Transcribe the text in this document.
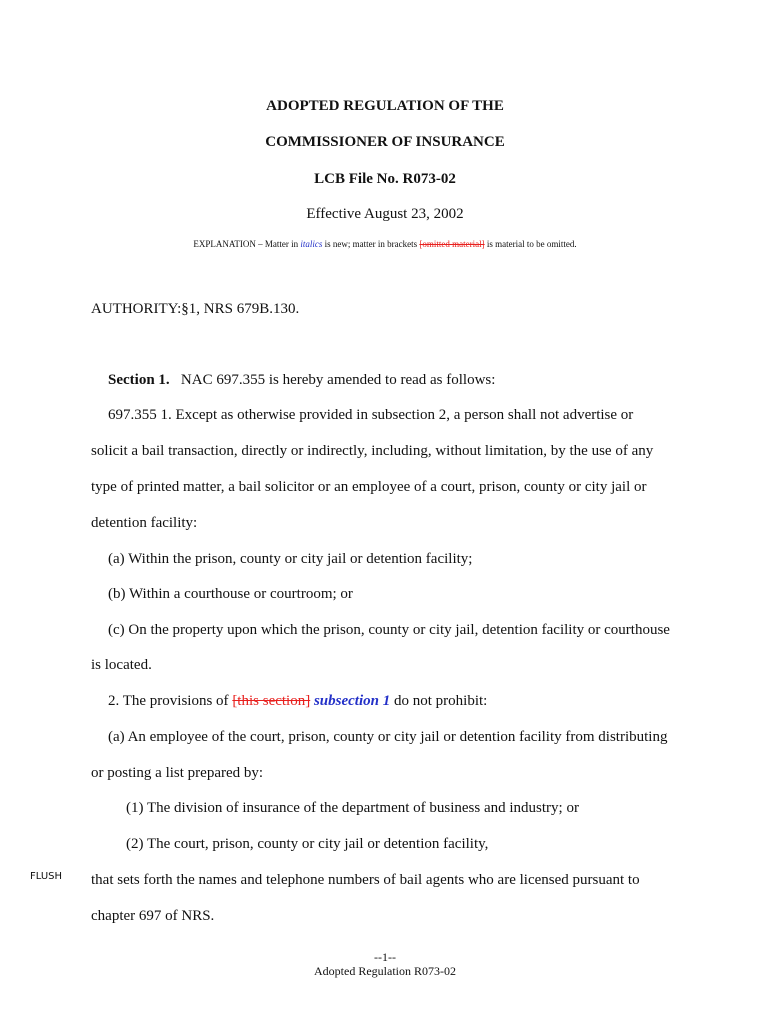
ADOPTED REGULATION OF THE
COMMISSIONER OF INSURANCE
LCB File No. R073-02
Effective August 23, 2002
EXPLANATION – Matter in italics is new; matter in brackets [omitted material] is material to be omitted.
AUTHORITY:§1, NRS 679B.130.
Section 1. NAC 697.355 is hereby amended to read as follows:
697.355 1. Except as otherwise provided in subsection 2, a person shall not advertise or
solicit a bail transaction, directly or indirectly, including, without limitation, by the use of any
type of printed matter, a bail solicitor or an employee of a court, prison, county or city jail or
detention facility:
(a) Within the prison, county or city jail or detention facility;
(b) Within a courthouse or courtroom; or
(c) On the property upon which the prison, county or city jail, detention facility or courthouse
is located.
2. The provisions of [this section] subsection 1 do not prohibit:
(a) An employee of the court, prison, county or city jail or detention facility from distributing
or posting a list prepared by:
(1) The division of insurance of the department of business and industry; or
(2) The court, prison, county or city jail or detention facility,
FLUSH that sets forth the names and telephone numbers of bail agents who are licensed pursuant to
chapter 697 of NRS.
--1--
Adopted Regulation R073-02
